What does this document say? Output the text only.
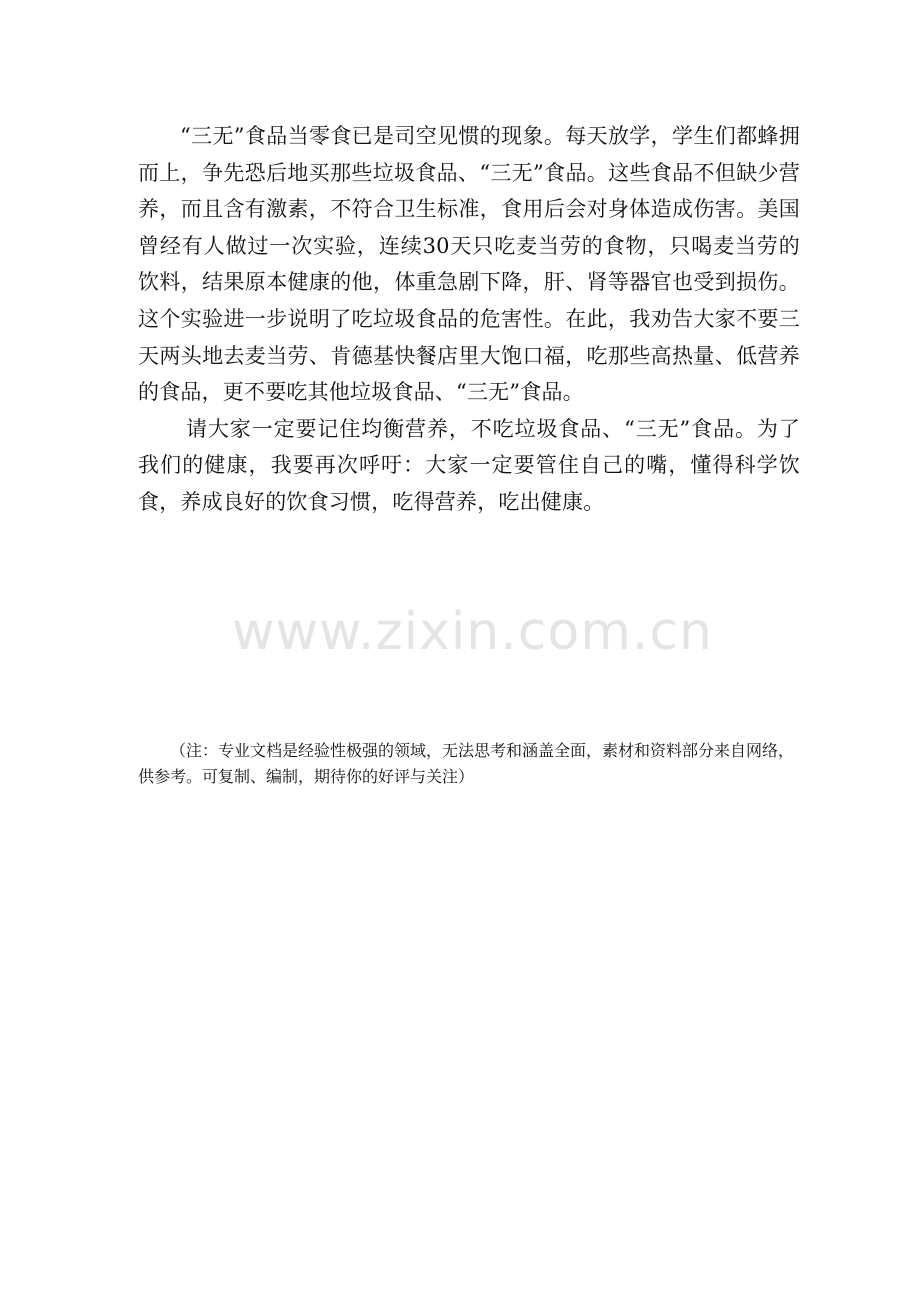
“三无”食品当零食已是司空见惯的现象。每天放学，学生们都蜂拥而上，争先恐后地买那些垃圾食品、“三无”食品。这些食品不但缺少营养，而且含有激素，不符合卫生标准，食用后会对身体造成伤害。美国曾经有人做过一次实验，连续30天只吃麦当劳的食物，只喝麦当劳的饮料，结果原本健康的他，体重急剧下降，肝、肾等器官也受到损伤。这个实验进一步说明了吃垃圾食品的危害性。在此，我劝告大家不要三天两头地去麦当劳、肯德基快餐店里大饱口福，吃那些高热量、低营养的食品，更不要吃其他垃圾食品、“三无”食品。

请大家一定要记住均衡营养，不吃垃圾食品、“三无”食品。为了我们的健康，我要再次呼吁：大家一定要管住自己的嘴，懂得科学饮食，养成良好的饮食习惯，吃得营养，吃出健康。

www.zixin.com.cn

（注：专业文档是经验性极强的领域，无法思考和涵盖全面，素材和资料部分来自网络，供参考。可复制、编制，期待你的好评与关注）
